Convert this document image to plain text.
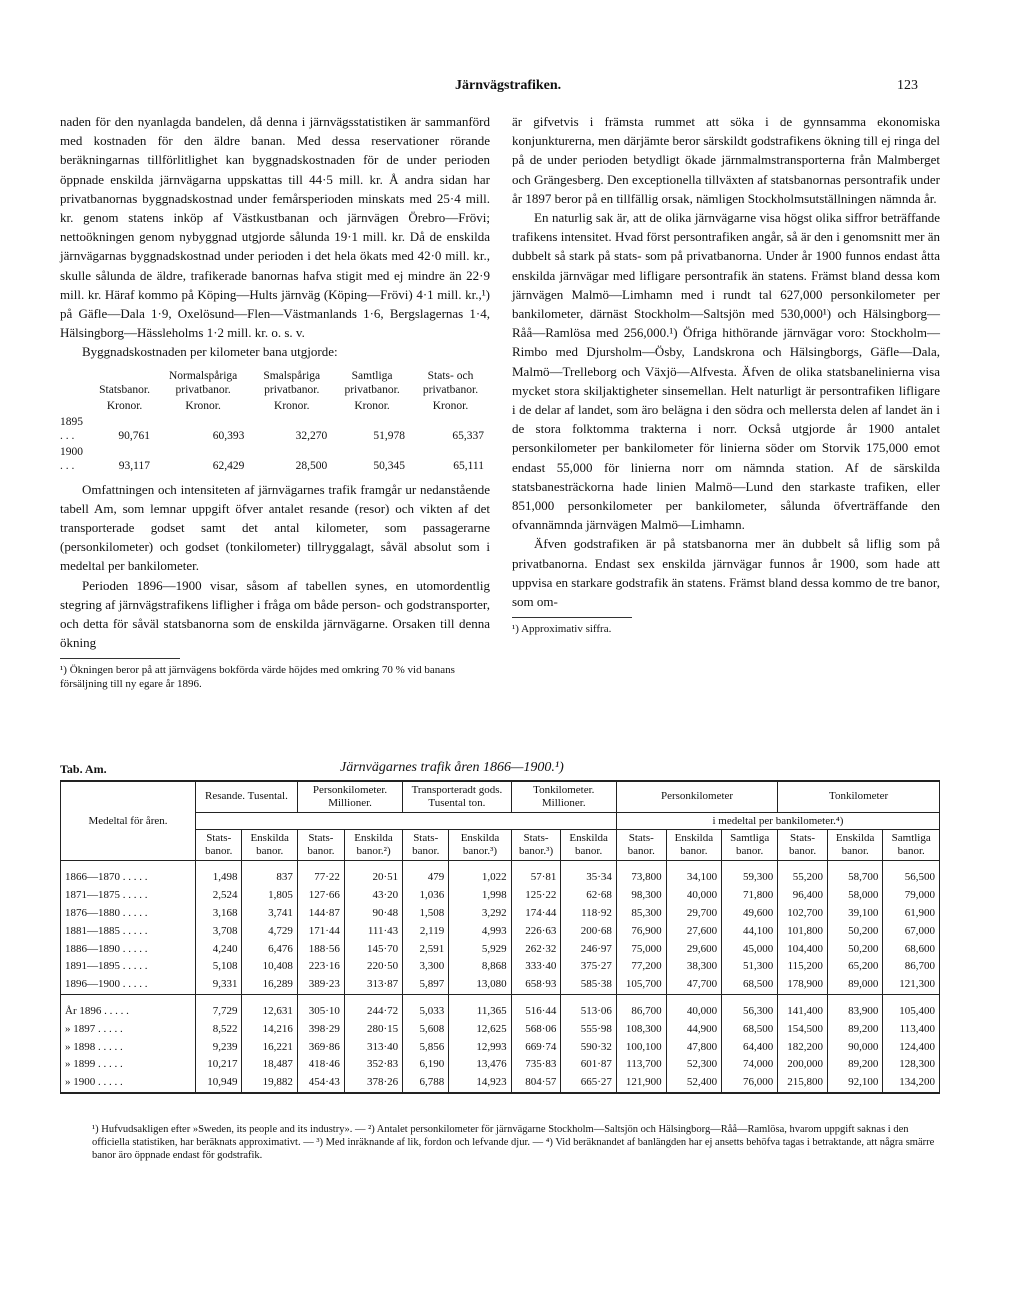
Järnvägstrafiken.	123

naden för den nyanlagda bandelen, då denna i järnvägsstatistiken är sammanförd med kostnaden för den äldre banan. Med dessa reservationer rörande beräkningarnas tillförlitlighet kan byggnadskostnaden för de under perioden öppnade enskilda järnvägarna uppskattas till 44·5 mill. kr. Å andra sidan har privatbanornas byggnadskostnad under femårsperioden minskats med 25·4 mill. kr. genom statens inköp af Västkustbanan och järnvägen Örebro—Frövi; nettoökningen genom nybyggnad utgjorde sålunda 19·1 mill. kr. Då de enskilda järnvägarnas byggnadskostnad under perioden i det hela ökats med 42·0 mill. kr., skulle sålunda de äldre, trafikerade banornas hafva stigit med ej mindre än 22·9 mill. kr. Häraf kommo på Köping—Hults järnväg (Köping—Frövi) 4·1 mill. kr.,¹) på Gäfle—Dala 1·9, Oxelösund—Flen—Västmanlands 1·6, Bergslagernas 1·4, Hälsingborg—Hässleholms 1·2 mill. kr. o. s. v.

Byggnadskostnaden per kilometer bana utgjorde:

	Statsbanor.	Normalspåriga privatbanor.	Smalspåriga privatbanor.	Samtliga privatbanor.	Stats- och privatbanor.
	Kronor.	Kronor.	Kronor.	Kronor.	Kronor.
1895 . . .	90,761	60,393	32,270	51,978	65,337
1900 . . .	93,117	62,429	28,500	50,345	65,111

Omfattningen och intensiteten af järnvägarnes trafik framgår ur nedanstående tabell Am, som lemnar uppgift öfver antalet resande (resor) och vikten af det transporterade godset samt det antal kilometer, som passagerarne (personkilometer) och godset (tonkilometer) tillryggalagt, såväl absolut som i medeltal per bankilometer.

Perioden 1896—1900 visar, såsom af tabellen synes, en utomordentlig stegring af järnvägstrafikens lifligher i fråga om både person- och godstransporter, och detta för såväl statsbanorna som de enskilda järnvägarne. Orsaken till denna ökning

¹) Ökningen beror på att järnvägens bokförda värde höjdes med omkring 70 % vid banans försäljning till ny egare år 1896.

är gifvetvis i främsta rummet att söka i de gynnsamma ekonomiska konjunkturerna, men därjämte beror särskildt godstrafikens ökning till ej ringa del på de under perioden betydligt ökade järnmalmstransporterna från Malmberget och Grängesberg. Den exceptionella tillväxten af statsbanornas persontrafik under år 1897 beror på en tillfällig orsak, nämligen Stockholmsutställningen nämnda år.

En naturlig sak är, att de olika järnvägarne visa högst olika siffror beträffande trafikens intensitet. Hvad först persontrafiken angår, så är den i genomsnitt mer än dubbelt så stark på stats- som på privatbanorna. Under år 1900 funnos endast åtta enskilda järnvägar med lifligare persontrafik än statens. Främst bland dessa kom järnvägen Malmö—Limhamn med i rundt tal 627,000 personkilometer per bankilometer, därnäst Stockholm—Saltsjön med 530,000¹) och Hälsingborg—Råå—Ramlösa med 256,000.¹) Öfriga hithörande järnvägar voro: Stockholm—Rimbo med Djursholm—Ösby, Landskrona och Hälsingborgs, Gäfle—Dala, Malmö—Trelleborg och Växjö—Alfvesta. Äfven de olika statsbanelinierna visa mycket stora skiljaktigheter sinsemellan. Helt naturligt är persontrafiken lifligare i de delar af landet, som äro belägna i den södra och mellersta delen af landet än i de stora folktomma trakterna i norr. Också utgjorde år 1900 antalet personkilometer per bankilometer för linierna söder om Storvik 175,000 emot endast 55,000 för linierna norr om nämnda station. Af de särskilda statsbanesträckorna hade linien Malmö—Lund den starkaste trafiken, eller 851,000 personkilometer per bankilometer, sålunda öfverträffande den ofvannämnda järnvägen Malmö—Limhamn.

Äfven godstrafiken är på statsbanorna mer än dubbelt så liflig som på privatbanorna. Endast sex enskilda järnvägar funnos år 1900, som hade att uppvisa en starkare godstrafik än statens. Främst bland dessa kommo de tre banor, som om-

¹) Approximativ siffra.

Tab. Am.	Järnvägarnes trafik åren 1866—1900.¹)
Medeltal för åren.	Resande. Tusental.		Personkilometer. Millioner.		Transporteradt gods. Tusental ton.		Tonkilometer. Millioner.		Personkilometer			Tonkilometer		
									i medeltal per bankilometer.⁴)					
	Stats-banor.	Enskilda banor.	Stats-banor.	Enskilda banor.²)	Stats-banor.	Enskilda banor.³)	Stats-banor.³)	Enskilda banor.	Stats-banor.	Enskilda banor.	Samtliga banor.	Stats-banor.	Enskilda banor.	Samtliga banor.

1866—1870 . . . . .	1,498	837	77·22	20·51	479	1,022	57·81	35·34	73,800	34,100	59,300	55,200	58,700	56,500
1871—1875 . . . . .	2,524	1,805	127·66	43·20	1,036	1,998	125·22	62·68	98,300	40,000	71,800	96,400	58,000	79,000
1876—1880 . . . . .	3,168	3,741	144·87	90·48	1,508	3,292	174·44	118·92	85,300	29,700	49,600	102,700	39,100	61,900
1881—1885 . . . . .	3,708	4,729	171·44	111·43	2,119	4,993	226·63	200·68	76,900	27,600	44,100	101,800	50,200	67,000
1886—1890 . . . . .	4,240	6,476	188·56	145·70	2,591	5,929	262·32	246·97	75,000	29,600	45,000	104,400	50,200	68,600
1891—1895 . . . . .	5,108	10,408	223·16	220·50	3,300	8,868	333·40	375·27	77,200	38,300	51,300	115,200	65,200	86,700
1896—1900 . . . . .	9,331	16,289	389·23	313·87	5,897	13,080	658·93	585·38	105,700	47,700	68,500	178,900	89,000	121,300

År 1896 . . . . .	7,729	12,631	305·10	244·72	5,033	11,365	516·44	513·06	86,700	40,000	56,300	141,400	83,900	105,400
» 1897 . . . . .	8,522	14,216	398·29	280·15	5,608	12,625	568·06	555·98	108,300	44,900	68,500	154,500	89,200	113,400
» 1898 . . . . .	9,239	16,221	369·86	313·40	5,856	12,993	669·74	590·32	100,100	47,800	64,400	182,200	90,000	124,400
» 1899 . . . . .	10,217	18,487	418·46	352·83	6,190	13,476	735·83	601·87	113,700	52,300	74,000	200,000	89,200	128,300
» 1900 . . . . .	10,949	19,882	454·43	378·26	6,788	14,923	804·57	665·27	121,900	52,400	76,000	215,800	92,100	134,200
¹) Hufvudsakligen efter »Sweden, its people and its industry». — ²) Antalet personkilometer för järnvägarne Stockholm—Saltsjön och Hälsingborg—Råå—Ramlösa, hvarom uppgift saknas i den officiella statistiken, har beräknats approximativt. — ³) Med inräknande af lik, fordon och lefvande djur. — ⁴) Vid beräknandet af banlängden har ej ansetts behöfva tagas i betraktande, att några smärre banor äro öppnade endast för godstrafik.
